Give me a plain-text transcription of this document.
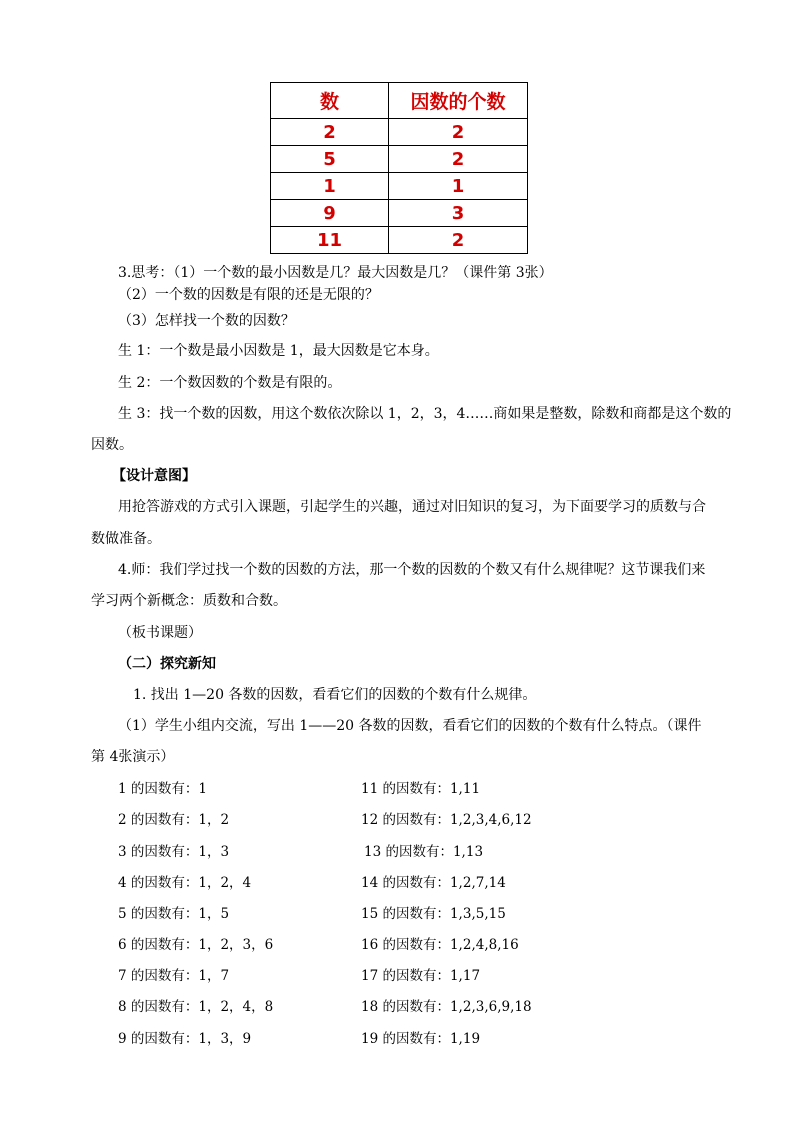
数	因数的个数
2	2
5	2
1	1
9	3
11	2
3.思考：（1）一个数的最小因数是几？最大因数是几？（课件第 3张）
（2）一个数的因数是有限的还是无限的？
（3）怎样找一个数的因数？
生 1：一个数是最小因数是 1，最大因数是它本身。
生 2：一个数因数的个数是有限的。
生 3：找一个数的因数，用这个数依次除以 1，2，3，4……商如果是整数，除数和商都是这个数的
因数。
【设计意图】
用抢答游戏的方式引入课题，引起学生的兴趣，通过对旧知识的复习，为下面要学习的质数与合
数做准备。
4.师：我们学过找一个数的因数的方法，那一个数的因数的个数又有什么规律呢？这节课我们来
学习两个新概念：质数和合数。
（板书课题）
（二）探究新知
1. 找出 1—20 各数的因数，看看它们的因数的个数有什么规律。
（1）学生小组内交流，写出 1——20 各数的因数，看看它们的因数的个数有什么特点。（课件
第 4张演示）
1 的因数有：1
2 的因数有：1，2
3 的因数有：1，3
4 的因数有：1，2，4
5 的因数有：1，5
6 的因数有：1，2，3，6
7 的因数有：1，7
8 的因数有：1，2，4，8
9 的因数有：1，3，9
11 的因数有：1,11
12 的因数有：1,2,3,4,6,12
13 的因数有：1,13
14 的因数有：1,2,7,14
15 的因数有：1,3,5,15
16 的因数有：1,2,4,8,16
17 的因数有：1,17
18 的因数有：1,2,3,6,9,18
19 的因数有：1,19
